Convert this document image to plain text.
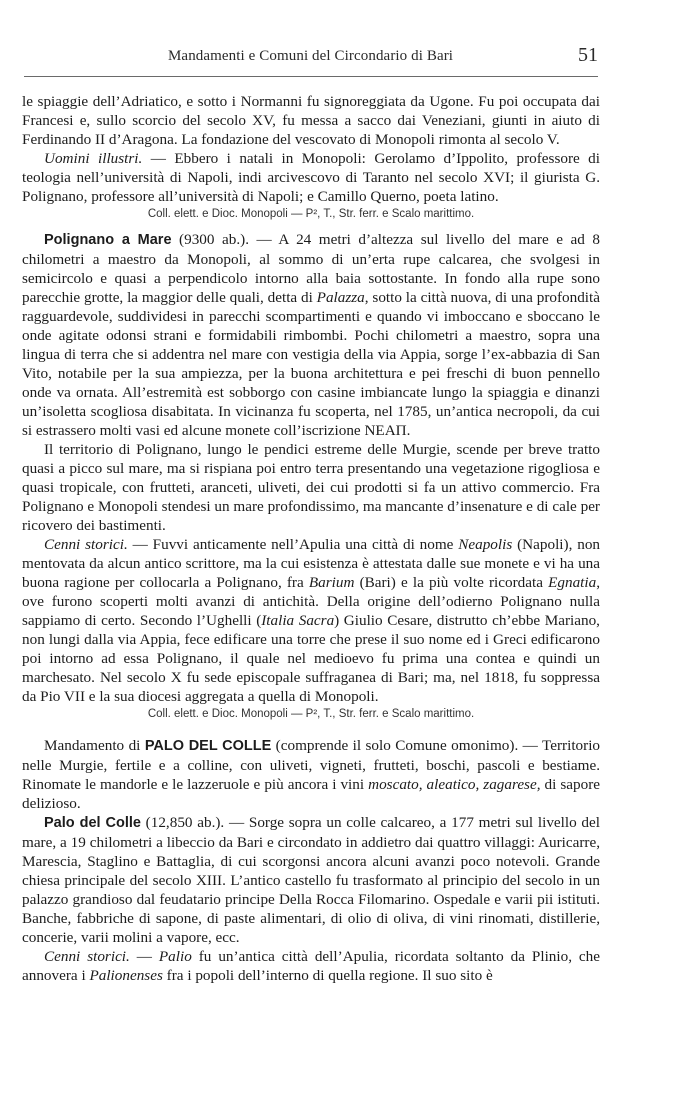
Mandamenti e Comuni del Circondario di Bari	51

le spiaggie dell’Adriatico, e sotto i Normanni fu signoreggiata da Ugone. Fu poi occupata dai Francesi e, sullo scorcio del secolo XV, fu messa a sacco dai Veneziani, giunti in aiuto di Ferdinando II d’Aragona. La fondazione del vescovato di Monopoli rimonta al secolo V.

Uomini illustri. — Ebbero i natali in Monopoli: Gerolamo d’Ippolito, professore di teologia nell’università di Napoli, indi arcivescovo di Taranto nel secolo XVI; il giurista G. Polignano, professore all’università di Napoli; e Camillo Querno, poeta latino.

Coll. elett. e Dioc. Monopoli — P², T., Str. ferr. e Scalo marittimo.

Polignano a Mare (9300 ab.). — A 24 metri d’altezza sul livello del mare e ad 8 chilometri a maestro da Monopoli, al sommo di un’erta rupe calcarea, che svolgesi in semicircolo e quasi a perpendicolo intorno alla baia sottostante. In fondo alla rupe sono parecchie grotte, la maggior delle quali, detta di Palazza, sotto la città nuova, di una profondità ragguardevole, suddividesi in parecchi scompartimenti e quando vi imboccano e sboccano le onde agitate odonsi strani e formidabili rimbombi. Pochi chilometri a maestro, sopra una lingua di terra che si addentra nel mare con vestigia della via Appia, sorge l’ex-abbazia di San Vito, notabile per la sua ampiezza, per la buona architettura e pei freschi di buon pennello onde va ornata. All’estremità est sobborgo con casine imbiancate lungo la spiaggia e dinanzi un’isoletta scogliosa disabitata. In vicinanza fu scoperta, nel 1785, un’antica necropoli, da cui si estrassero molti vasi ed alcune monete coll’iscrizione NEAΠ.

Il territorio di Polignano, lungo le pendici estreme delle Murgie, scende per breve tratto quasi a picco sul mare, ma si rispiana poi entro terra presentando una vegetazione rigogliosa e quasi tropicale, con frutteti, aranceti, uliveti, dei cui prodotti si fa un attivo commercio. Fra Polignano e Monopoli stendesi un mare profondissimo, ma mancante d’insenature e di cale per ricovero dei bastimenti.

Cenni storici. — Fuvvi anticamente nell’Apulia una città di nome Neapolis (Napoli), non mentovata da alcun antico scrittore, ma la cui esistenza è attestata dalle sue monete e vi ha una buona ragione per collocarla a Polignano, fra Barium (Bari) e la più volte ricordata Egnatia, ove furono scoperti molti avanzi di antichità. Della origine dell’odierno Polignano nulla sappiamo di certo. Secondo l’Ughelli (Italia Sacra) Giulio Cesare, distrutto ch’ebbe Mariano, non lungi dalla via Appia, fece edificare una torre che prese il suo nome ed i Greci edificarono poi intorno ad essa Polignano, il quale nel medioevo fu prima una contea e quindi un marchesato. Nel secolo X fu sede episcopale suffraganea di Bari; ma, nel 1818, fu soppressa da Pio VII e la sua diocesi aggregata a quella di Monopoli.

Coll. elett. e Dioc. Monopoli — P², T., Str. ferr. e Scalo marittimo.

Mandamento di PALO DEL COLLE (comprende il solo Comune omonimo). — Territorio nelle Murgie, fertile e a colline, con uliveti, vigneti, frutteti, boschi, pascoli e bestiame. Rinomate le mandorle e le lazzeruole e più ancora i vini moscato, aleatico, zagarese, di sapore delizioso.

Palo del Colle (12,850 ab.). — Sorge sopra un colle calcareo, a 177 metri sul livello del mare, a 19 chilometri a libeccio da Bari e circondato in addietro dai quattro villaggi: Auricarre, Marescia, Staglino e Battaglia, di cui scorgonsi ancora alcuni avanzi poco notevoli. Grande chiesa principale del secolo XIII. L’antico castello fu trasformato al principio del secolo in un palazzo grandioso dal feudatario principe Della Rocca Filomarino. Ospedale e varii pii istituti. Banche, fabbriche di sapone, di paste alimentari, di olio di oliva, di vini rinomati, distillerie, concerie, varii molini a vapore, ecc.

Cenni storici. — Palio fu un’antica città dell’Apulia, ricordata soltanto da Plinio, che annovera i Palionenses fra i popoli dell’interno di quella regione. Il suo sito è
